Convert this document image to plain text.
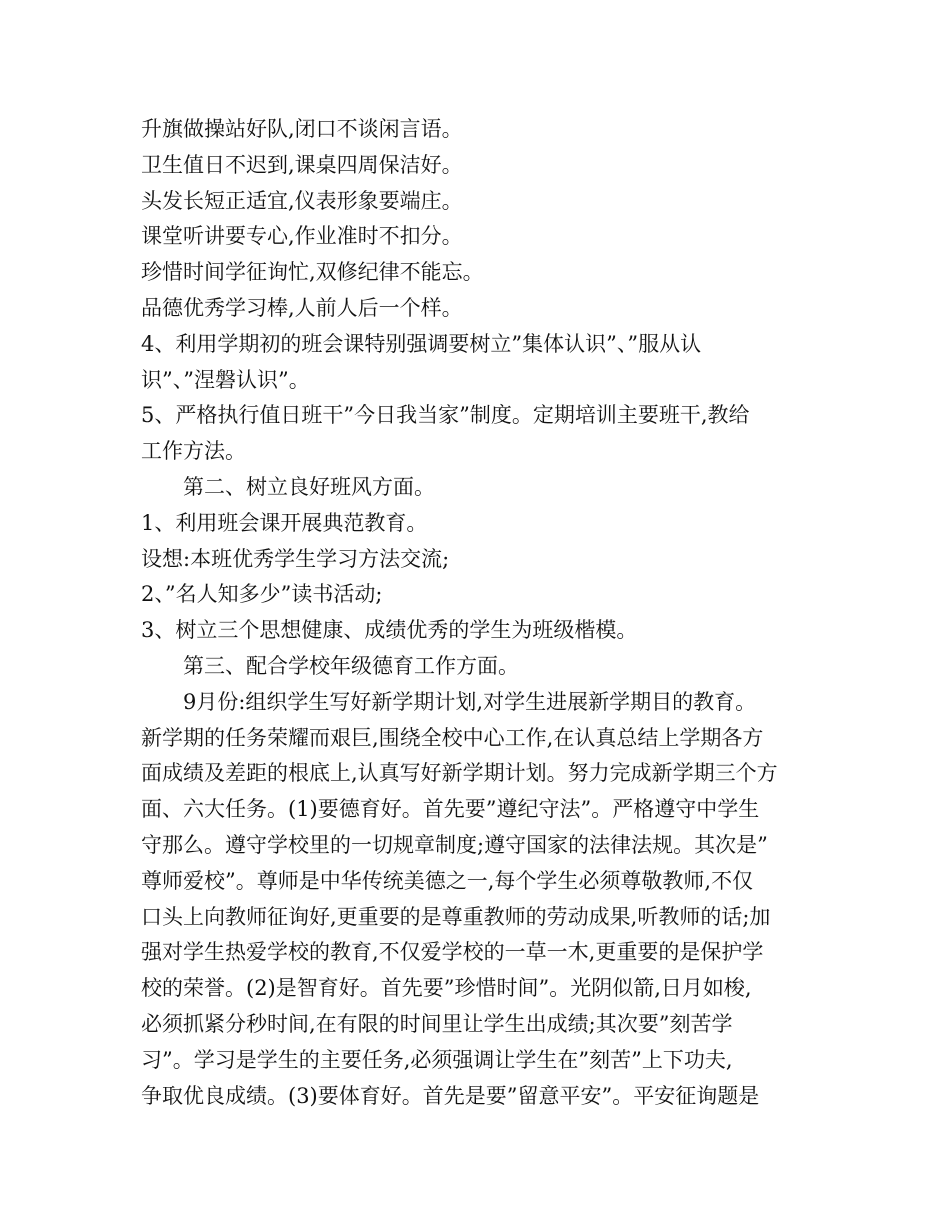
升旗做操站好队,闭口不谈闲言语。
卫生值日不迟到,课桌四周保洁好。
头发长短正适宜,仪表形象要端庄。
课堂听讲要专心,作业准时不扣分。
珍惜时间学征询忙,双修纪律不能忘。
品德优秀学习棒,人前人后一个样。
4、利用学期初的班会课特别强调要树立”集体认识”、”服从认
识”、”涅磐认识”。
5、严格执行值日班干”今日我当家”制度。定期培训主要班干,教给
工作方法。
第二、树立良好班风方面。
1、利用班会课开展典范教育。
设想:本班优秀学生学习方法交流;
2、”名人知多少”读书活动;
3、树立三个思想健康、成绩优秀的学生为班级楷模。
第三、配合学校年级德育工作方面。
9月份:组织学生写好新学期计划,对学生进展新学期目的教育。
新学期的任务荣耀而艰巨,围绕全校中心工作,在认真总结上学期各方
面成绩及差距的根底上,认真写好新学期计划。努力完成新学期三个方
面、六大任务。(1)要德育好。首先要”遵纪守法”。严格遵守中学生
守那么。遵守学校里的一切规章制度;遵守国家的法律法规。其次是”
尊师爱校”。尊师是中华传统美德之一,每个学生必须尊敬教师,不仅
口头上向教师征询好,更重要的是尊重教师的劳动成果,听教师的话;加
强对学生热爱学校的教育,不仅爱学校的一草一木,更重要的是保护学
校的荣誉。(2)是智育好。首先要”珍惜时间”。光阴似箭,日月如梭,
必须抓紧分秒时间,在有限的时间里让学生出成绩;其次要”刻苦学
习”。学习是学生的主要任务,必须强调让学生在”刻苦”上下功夫,
争取优良成绩。(3)要体育好。首先是要”留意平安”。平安征询题是
